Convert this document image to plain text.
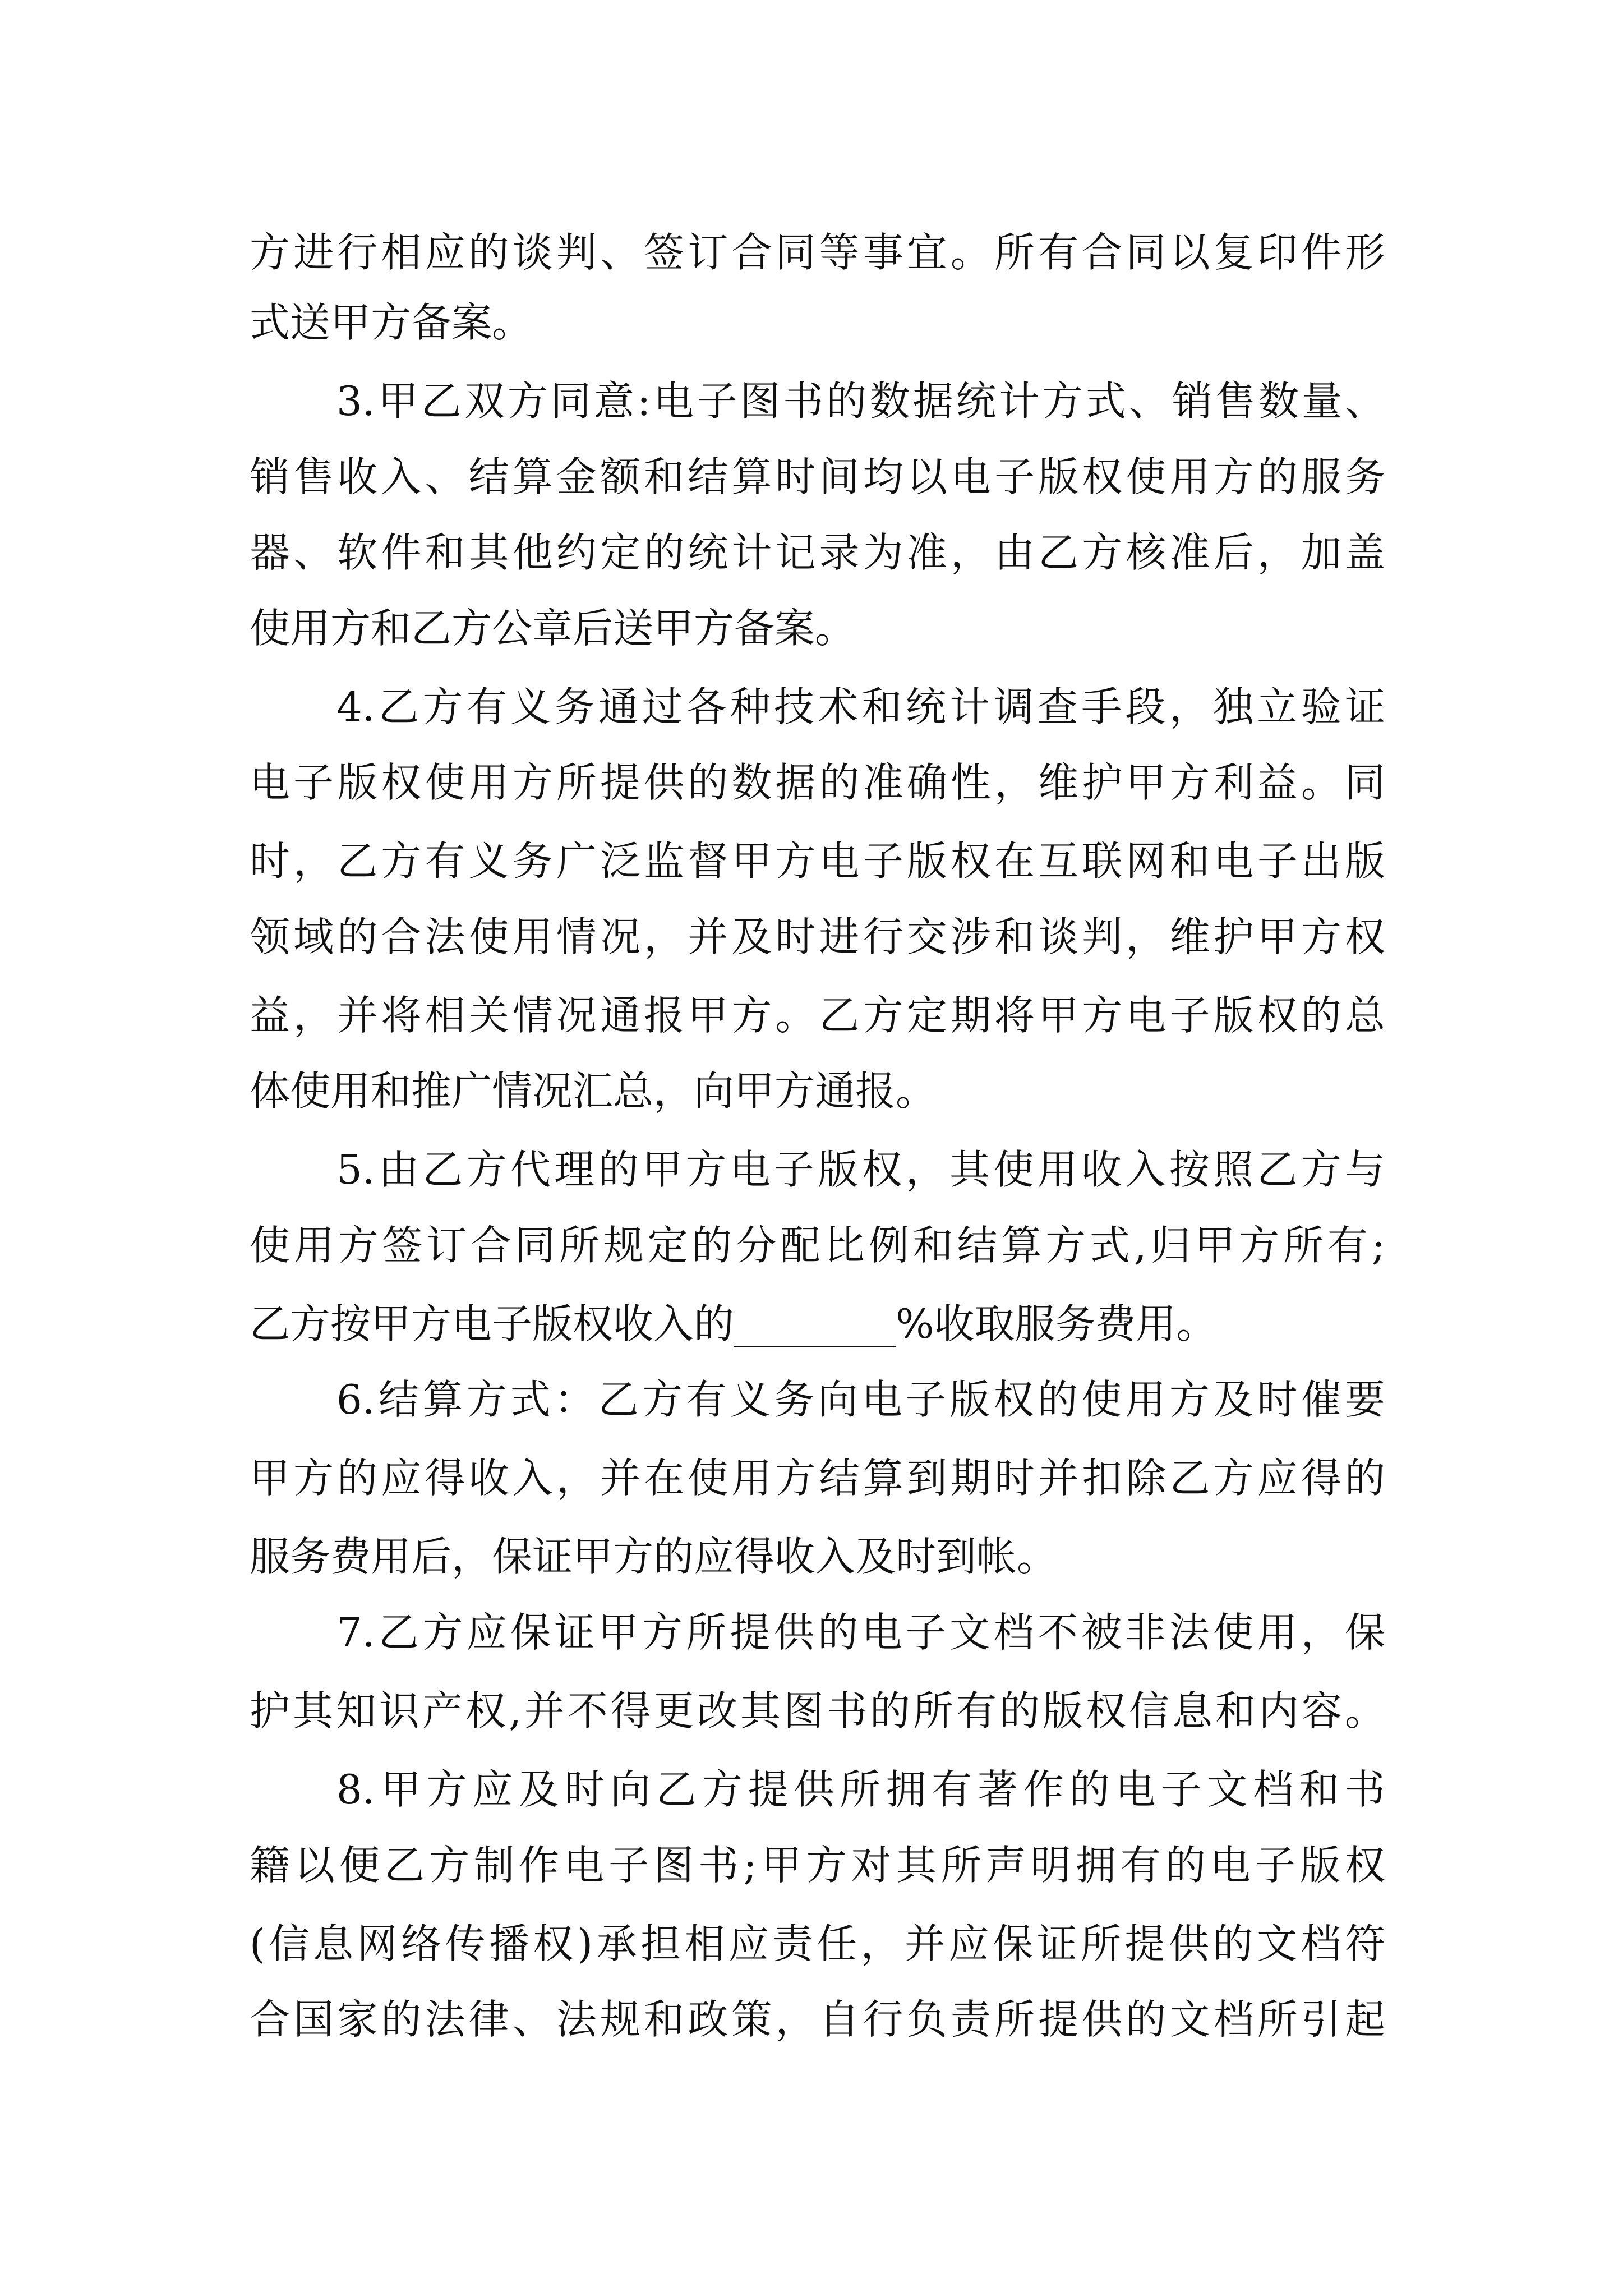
方进行相应的谈判、签订合同等事宜。所有合同以复印件形

式送甲方备案。

3.甲乙双方同意:电子图书的数据统计方式、销售数量、

销售收入、结算金额和结算时间均以电子版权使用方的服务

器、软件和其他约定的统计记录为准，由乙方核准后，加盖

使用方和乙方公章后送甲方备案。

4.乙方有义务通过各种技术和统计调查手段，独立验证

电子版权使用方所提供的数据的准确性，维护甲方利益。同

时，乙方有义务广泛监督甲方电子版权在互联网和电子出版

领域的合法使用情况，并及时进行交涉和谈判，维护甲方权

益，并将相关情况通报甲方。乙方定期将甲方电子版权的总

体使用和推广情况汇总，向甲方通报。

5.由乙方代理的甲方电子版权，其使用收入按照乙方与

使用方签订合同所规定的分配比例和结算方式,归甲方所有;

乙方按甲方电子版权收入的________%收取服务费用。

6.结算方式：乙方有义务向电子版权的使用方及时催要

甲方的应得收入，并在使用方结算到期时并扣除乙方应得的

服务费用后，保证甲方的应得收入及时到帐。

7.乙方应保证甲方所提供的电子文档不被非法使用，保

护其知识产权,并不得更改其图书的所有的版权信息和内容。

8.甲方应及时向乙方提供所拥有著作的电子文档和书

籍以便乙方制作电子图书;甲方对其所声明拥有的电子版权

(信息网络传播权)承担相应责任，并应保证所提供的文档符

合国家的法律、法规和政策，自行负责所提供的文档所引起
